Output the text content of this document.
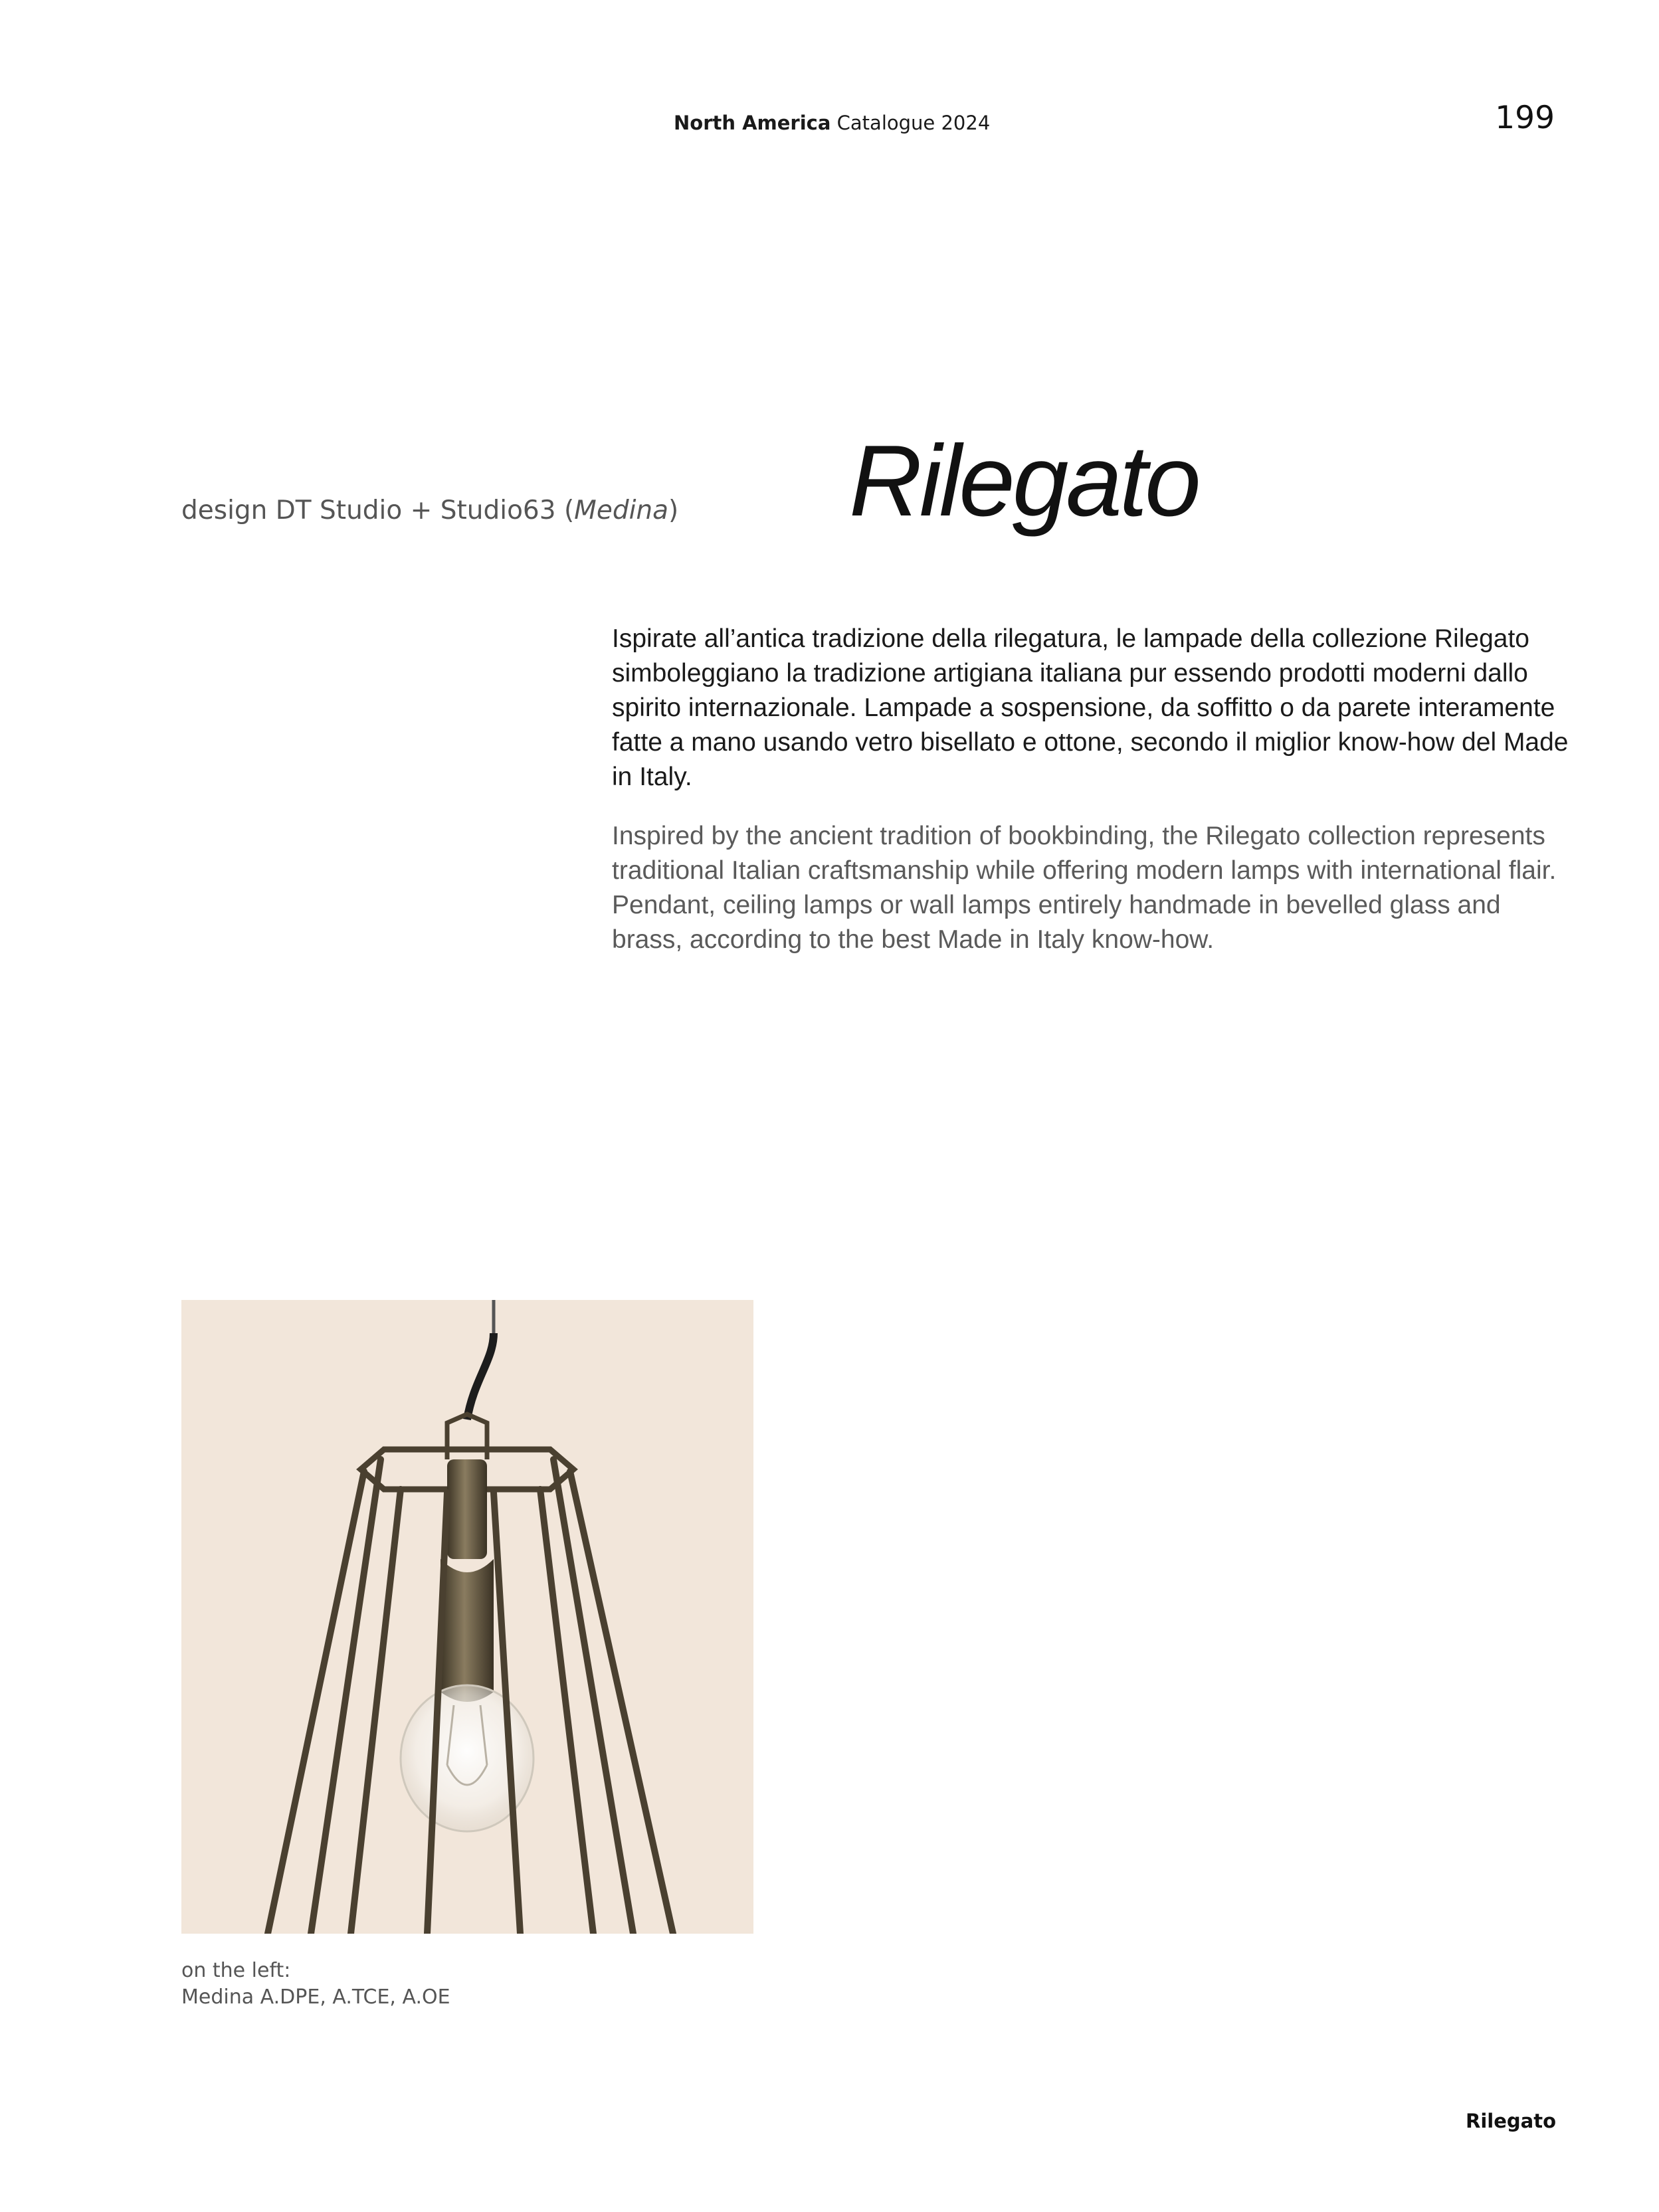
North America Catalogue 2024	199
design DT Studio + Studio63 (Medina) Rilegato

Ispirate all’antica tradizione della rilegatura, le lampade della collezione Rilegato simboleggiano la tradizione artigiana italiana pur essendo prodotti moderni dallo spirito internazionale. Lampade a sospensione, da soffitto o da parete interamente fatte a mano usando vetro bisellato e ottone, secondo il miglior know-how del Made in Italy.

Inspired by the ancient tradition of bookbinding, the Rilegato collection represents traditional Italian craftsmanship while offering modern lamps with international flair.
Pendant, ceiling lamps or wall lamps entirely handmade in bevelled glass and brass, according to the best Made in Italy know-how.
on the left:
Medina A.DPE, A.TCE, A.OE
Rilegato
